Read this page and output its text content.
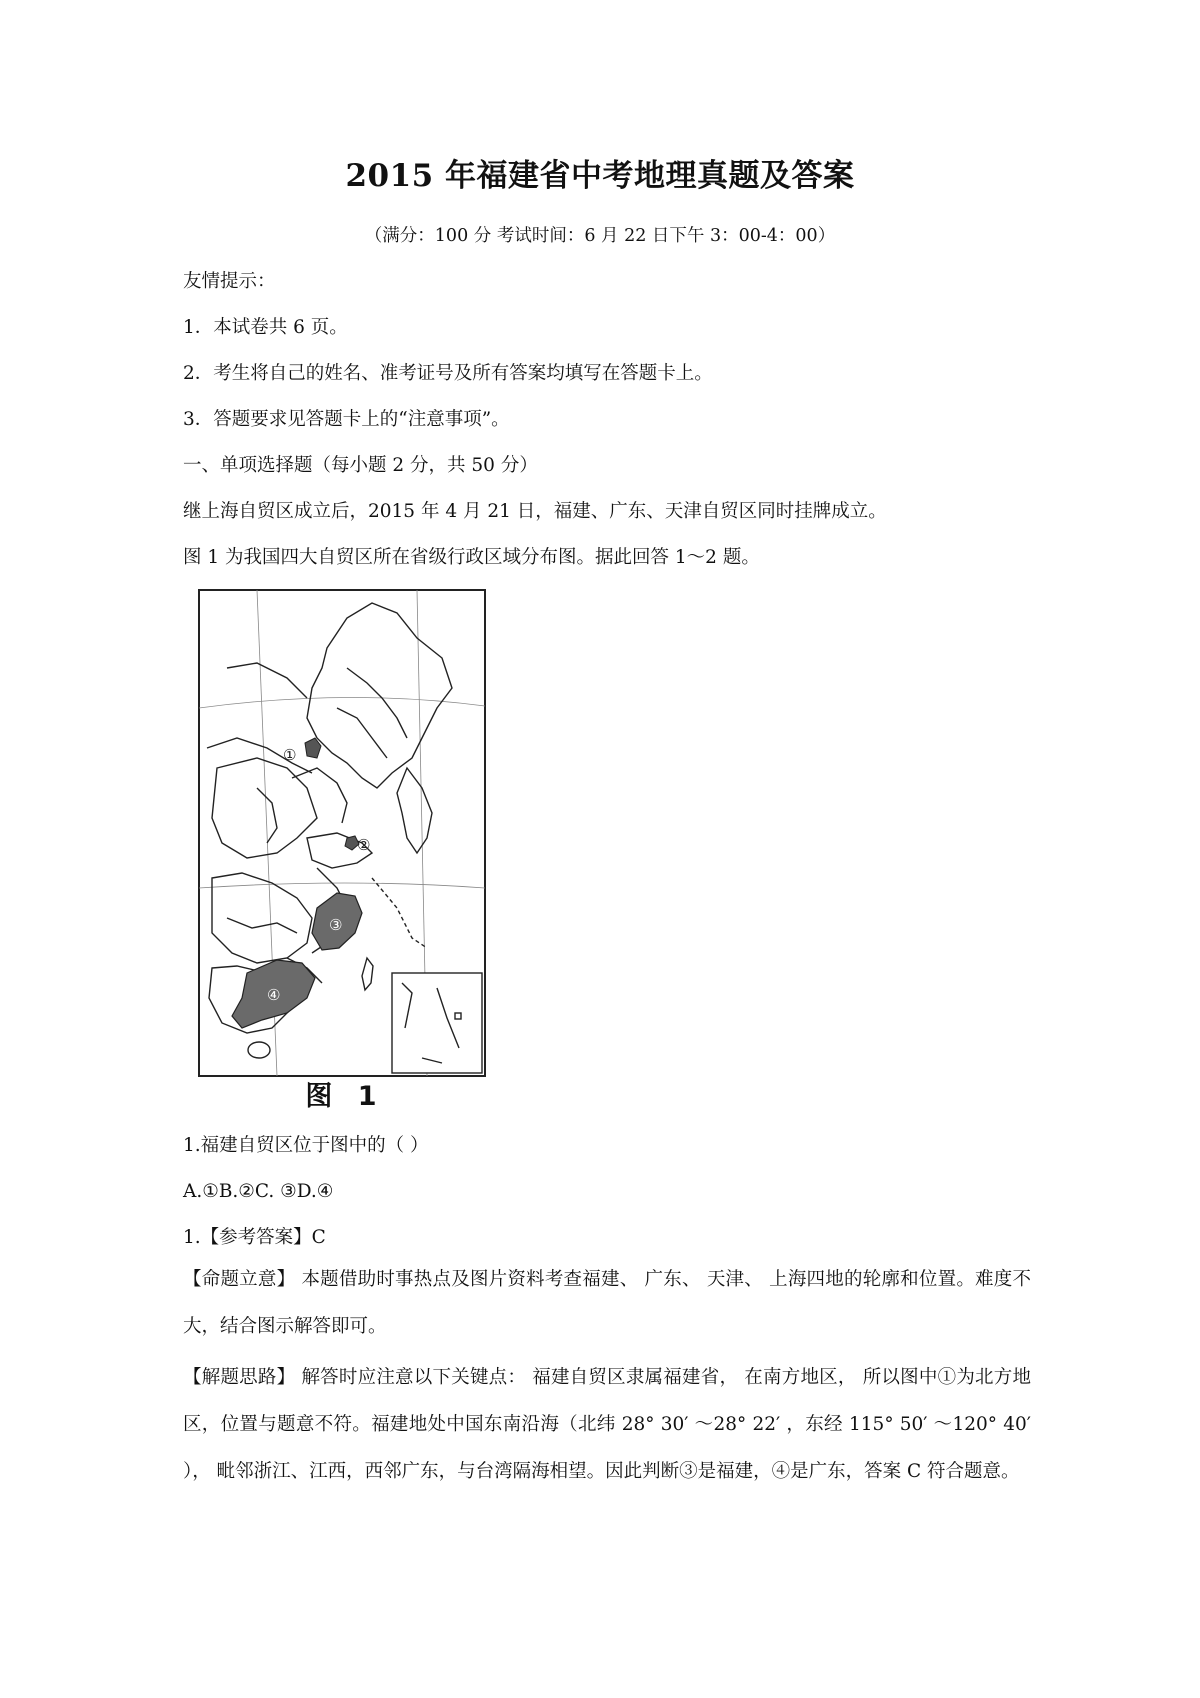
2015 年福建省中考地理真题及答案
（满分：100 分 考试时间：6 月 22 日下午 3：00-4：00）
友情提示：
1．本试卷共 6 页。
2．考生将自己的姓名、准考证号及所有答案均填写在答题卡上。
3．答题要求见答题卡上的“注意事项”。
一、单项选择题（每小题 2 分，共 50 分）
继上海自贸区成立后，2015 年 4 月 21 日，福建、广东、天津自贸区同时挂牌成立。
图 1 为我国四大自贸区所在省级行政区域分布图。据此回答 1～2 题。
①
②
③
④
图 1
1.福建自贸区位于图中的（ ）
A.①B.②C. ③D.④
1.【参考答案】C
【命题立意】 本题借助时事热点及图片资料考查福建、 广东、 天津、 上海四地的轮廓和位置。难度不大，结合图示解答即可。
【解题思路】 解答时应注意以下关键点： 福建自贸区隶属福建省， 在南方地区， 所以图中①为北方地区，位置与题意不符。福建地处中国东南沿海（北纬 28° 30′ ～28° 22′ ，东经 115° 50′ ～120° 40′ ）， 毗邻浙江、江西，西邻广东，与台湾隔海相望。因此判断③是福建，④是广东，答案 C 符合题意。
